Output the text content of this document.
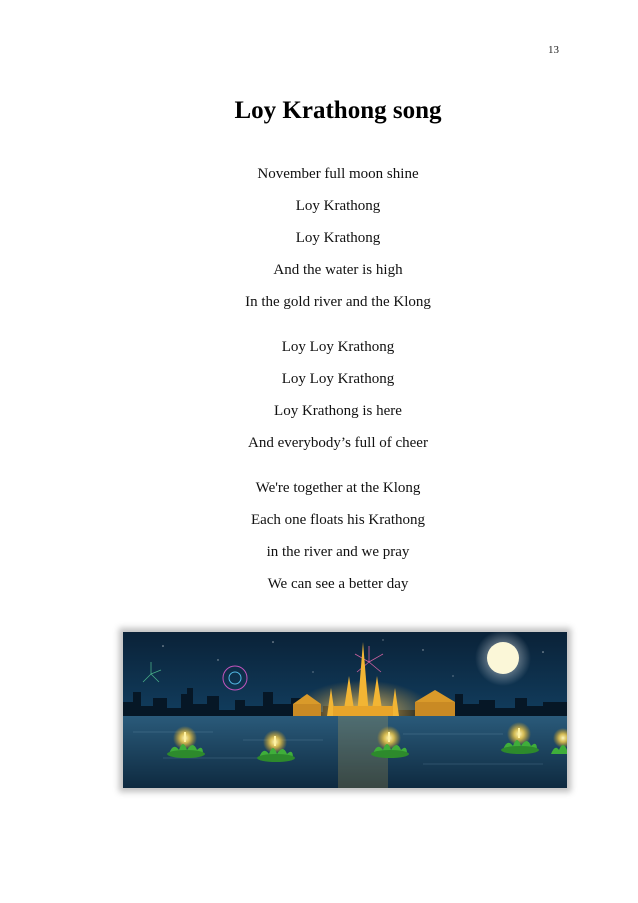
13
Loy Krathong song

November full moon shine
Loy Krathong
Loy Krathong
And the water is high
In the gold river and the Klong

Loy Loy Krathong
Loy Loy Krathong
Loy Krathong is here
And everybody’s full of cheer

We're together at the Klong
Each one floats his Krathong
in the river and we pray
We can see a better day
